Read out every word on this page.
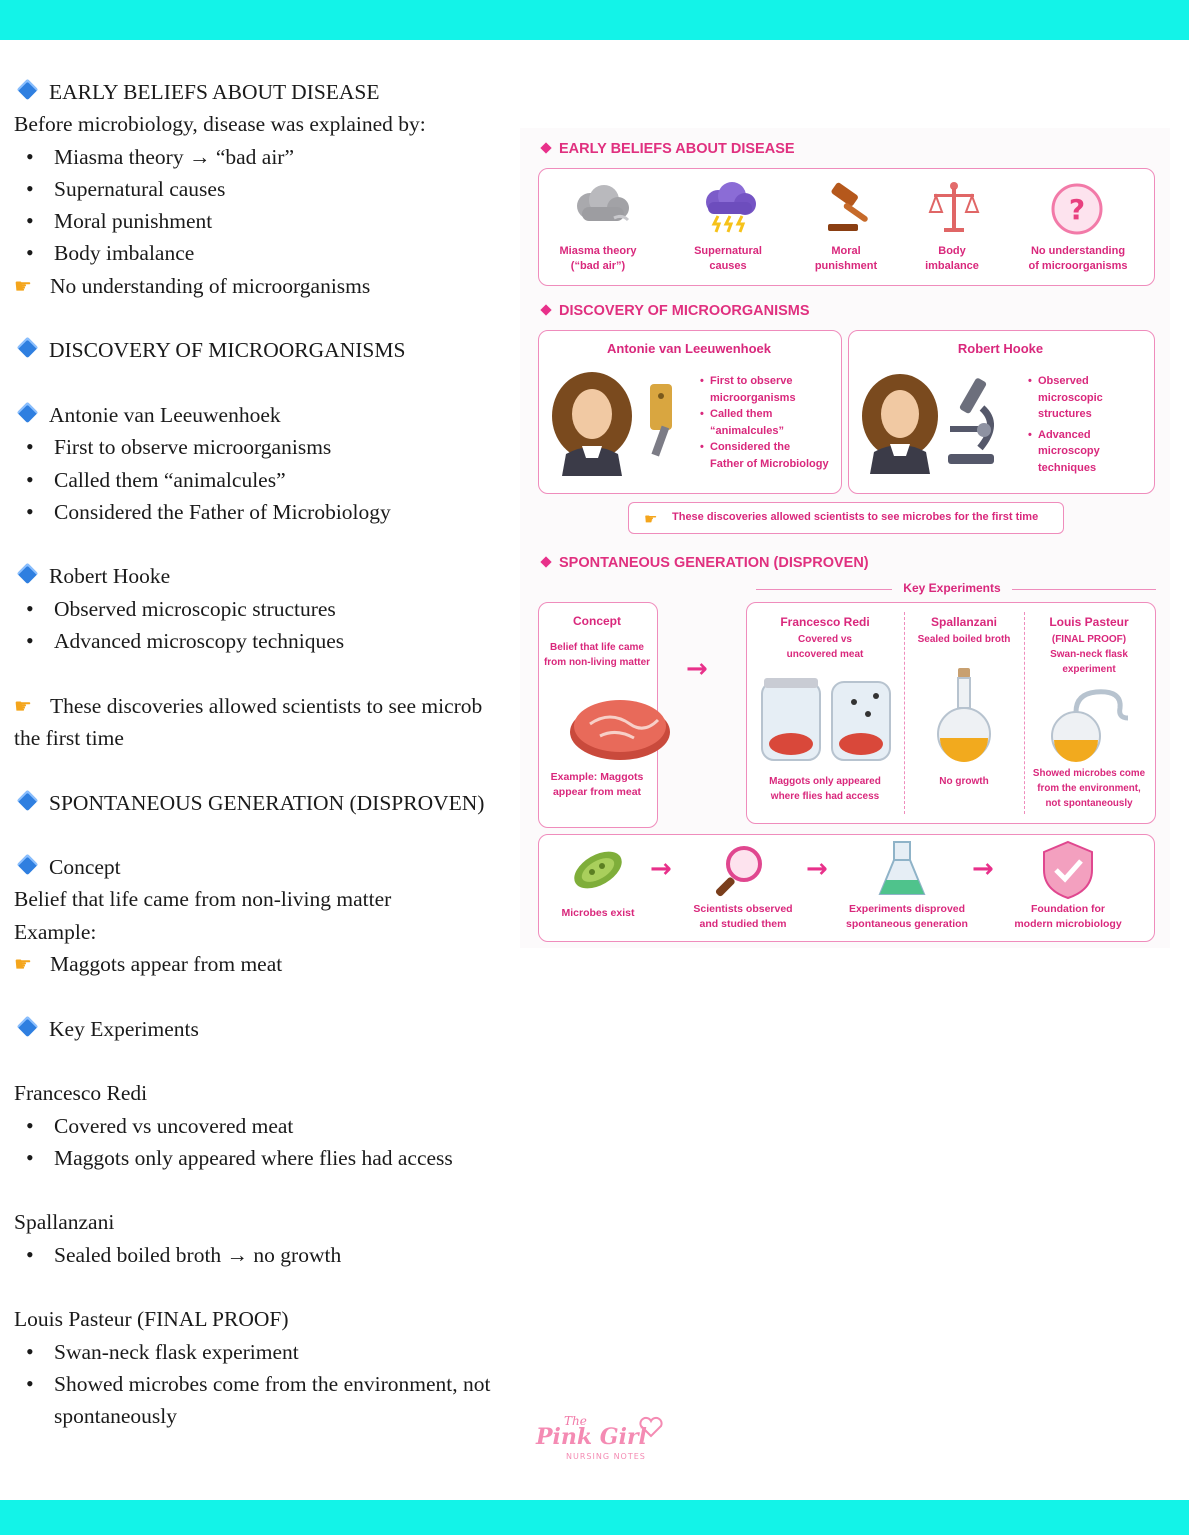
EARLY BELIEFS ABOUT DISEASE
Before microbiology, disease was explained by:
• Miasma theory → “bad air”
• Supernatural causes
• Moral punishment
• Body imbalance
☛ No understanding of microorganisms
DISCOVERY OF MICROORGANISMS
Antonie van Leeuwenhoek
• First to observe microorganisms
• Called them “animalcules”
• Considered the Father of Microbiology
Robert Hooke
• Observed microscopic structures
• Advanced microscopy techniques
☛ These discoveries allowed scientists to see microb
the first time
SPONTANEOUS GENERATION (DISPROVEN)
Concept
Belief that life came from non-living matter
Example:
☛ Maggots appear from meat
Key Experiments
Francesco Redi
• Covered vs uncovered meat
• Maggots only appeared where flies had access
Spallanzani
• Sealed boiled broth → no growth
Louis Pasteur (FINAL PROOF)
• Swan-neck flask experiment
• Showed microbes come from the environment, not spontaneously
EARLY BELIEFS ABOUT DISEASE
?
Miasma theory
(“bad air”)
Supernatural
causes
Moral
punishment
Body
imbalance
No understanding
of microorganisms
DISCOVERY OF MICROORGANISMS
Antonie van Leeuwenhoek	Robert Hooke
• First to observe
microorganisms
• Called them
“animalcules”
• Considered the
Father of Microbiology
• Observed
microscopic
structures
• Advanced
microscopy
techniques
☛ These discoveries allowed scientists to see microbes for the first time
SPONTANEOUS GENERATION (DISPROVEN)
Key Experiments
Concept
Belief that life came
from non-living matter
Example: Maggots
appear from meat
→
Francesco Redi
Covered vs
uncovered meat
Maggots only appeared
where flies had access
Spallanzani
Sealed boiled broth
No growth
Louis Pasteur
(FINAL PROOF)
Swan-neck flask
experiment
Showed microbes come
from the environment,
not spontaneously
Microbes exist
→
Scientists observed
and studied them
→
Experiments disproved
spontaneous generation
→
Foundation for
modern microbiology
The
Pink Girl
NURSING NOTES
